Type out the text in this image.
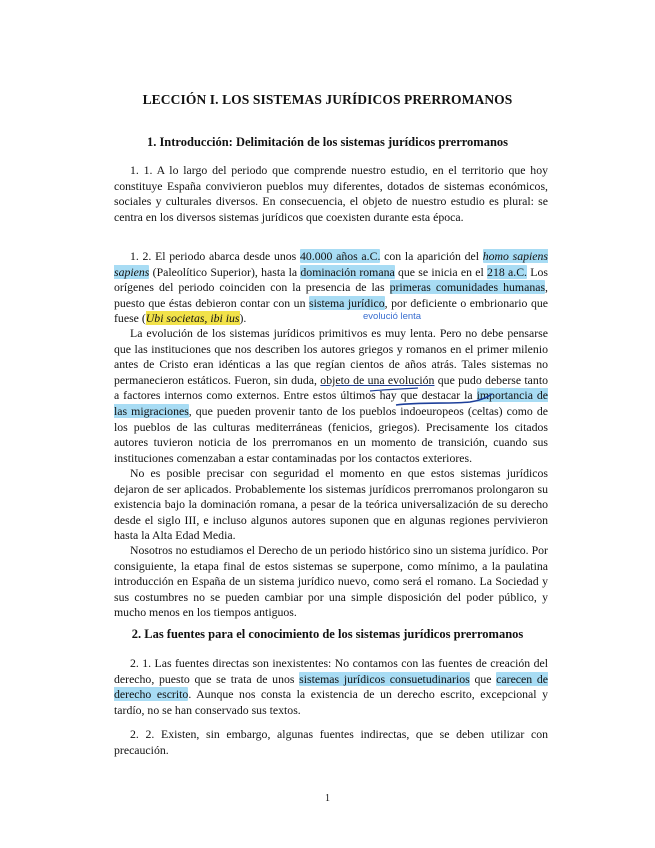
LECCIÓN I. LOS SISTEMAS JURÍDICOS PRERROMANOS
1. Introducción: Delimitación de los sistemas jurídicos prerromanos

1. 1. A lo largo del periodo que comprende nuestro estudio, en el territorio que hoy constituye España convivieron pueblos muy diferentes, dotados de sistemas económicos, sociales y culturales diversos. En consecuencia, el objeto de nuestro estudio es plural: se centra en los diversos sistemas jurídicos que coexisten durante esta época.

1. 2. El periodo abarca desde unos 40.000 años a.C. con la aparición del homo sapiens sapiens (Paleolítico Superior), hasta la dominación romana que se inicia en el 218 a.C. Los orígenes del periodo coinciden con la presencia de las primeras comunidades humanas, puesto que éstas debieron contar con un sistema jurídico, por deficiente o embrionario que fuese (Ubi societas, ibi ius).	evolució lenta

La evolución de los sistemas jurídicos primitivos es muy lenta. Pero no debe pensarse que las instituciones que nos describen los autores griegos y romanos en el primer milenio antes de Cristo eran idénticas a las que regían cientos de años atrás. Tales sistemas no permanecieron estáticos. Fueron, sin duda, objeto de una evolución que pudo deberse tanto a factores internos como externos. Entre estos últimos hay que destacar la importancia de las migraciones, que pueden provenir tanto de los pueblos indoeuropeos (celtas) como de los pueblos de las culturas mediterráneas (fenicios, griegos). Precisamente los citados autores tuvieron noticia de los prerromanos en un momento de transición, cuando sus instituciones comenzaban a estar contaminadas por los contactos exteriores.

No es posible precisar con seguridad el momento en que estos sistemas jurídicos dejaron de ser aplicados. Probablemente los sistemas jurídicos prerromanos prolongaron su existencia bajo la dominación romana, a pesar de la teórica universalización de su derecho desde el siglo III, e incluso algunos autores suponen que en algunas regiones pervivieron hasta la Alta Edad Media.

Nosotros no estudiamos el Derecho de un periodo histórico sino un sistema jurídico. Por consiguiente, la etapa final de estos sistemas se superpone, como mínimo, a la paulatina introducción en España de un sistema jurídico nuevo, como será el romano. La Sociedad y sus costumbres no se pueden cambiar por una simple disposición del poder público, y mucho menos en los tiempos antiguos.

2. Las fuentes para el conocimiento de los sistemas jurídicos prerromanos

2. 1. Las fuentes directas son inexistentes: No contamos con las fuentes de creación del derecho, puesto que se trata de unos sistemas jurídicos consuetudinarios que carecen de derecho escrito. Aunque nos consta la existencia de un derecho escrito, excepcional y tardío, no se han conservado sus textos.

2. 2. Existen, sin embargo, algunas fuentes indirectas, que se deben utilizar con precaución.

1
